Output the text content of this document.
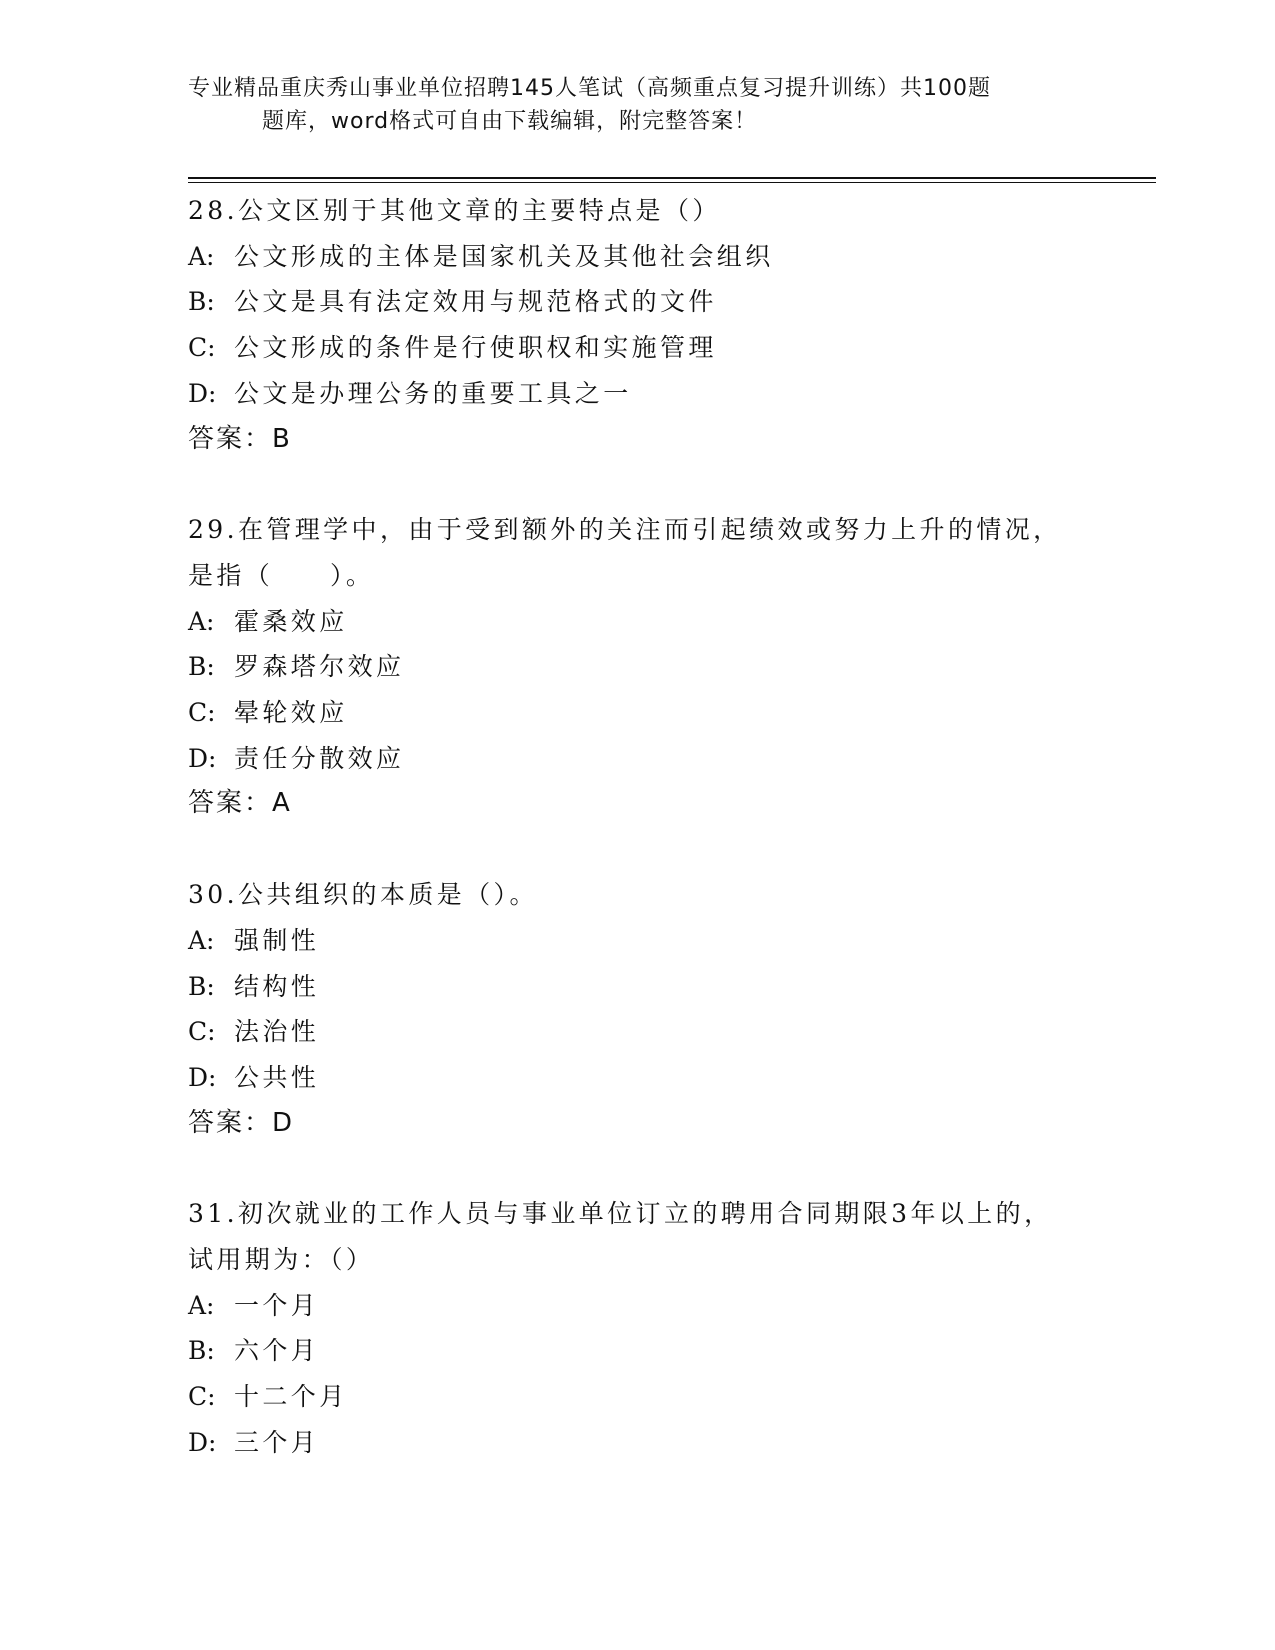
专业精品重庆秀山事业单位招聘145人笔试（高频重点复习提升训练）共100题
题库，word格式可自由下载编辑，附完整答案！
28.公文区别于其他文章的主要特点是（）
A: 公文形成的主体是国家机关及其他社会组织
B: 公文是具有法定效用与规范格式的文件
C: 公文形成的条件是行使职权和实施管理
D: 公文是办理公务的重要工具之一
答案：B
29.在管理学中，由于受到额外的关注而引起绩效或努力上升的情况，
是指（　　）。
A: 霍桑效应
B: 罗森塔尔效应
C: 晕轮效应
D: 责任分散效应
答案：A
30.公共组织的本质是（）。
A: 强制性
B: 结构性
C: 法治性
D: 公共性
答案：D
31.初次就业的工作人员与事业单位订立的聘用合同期限3年以上的，
试用期为：（）
A: 一个月
B: 六个月
C: 十二个月
D: 三个月
